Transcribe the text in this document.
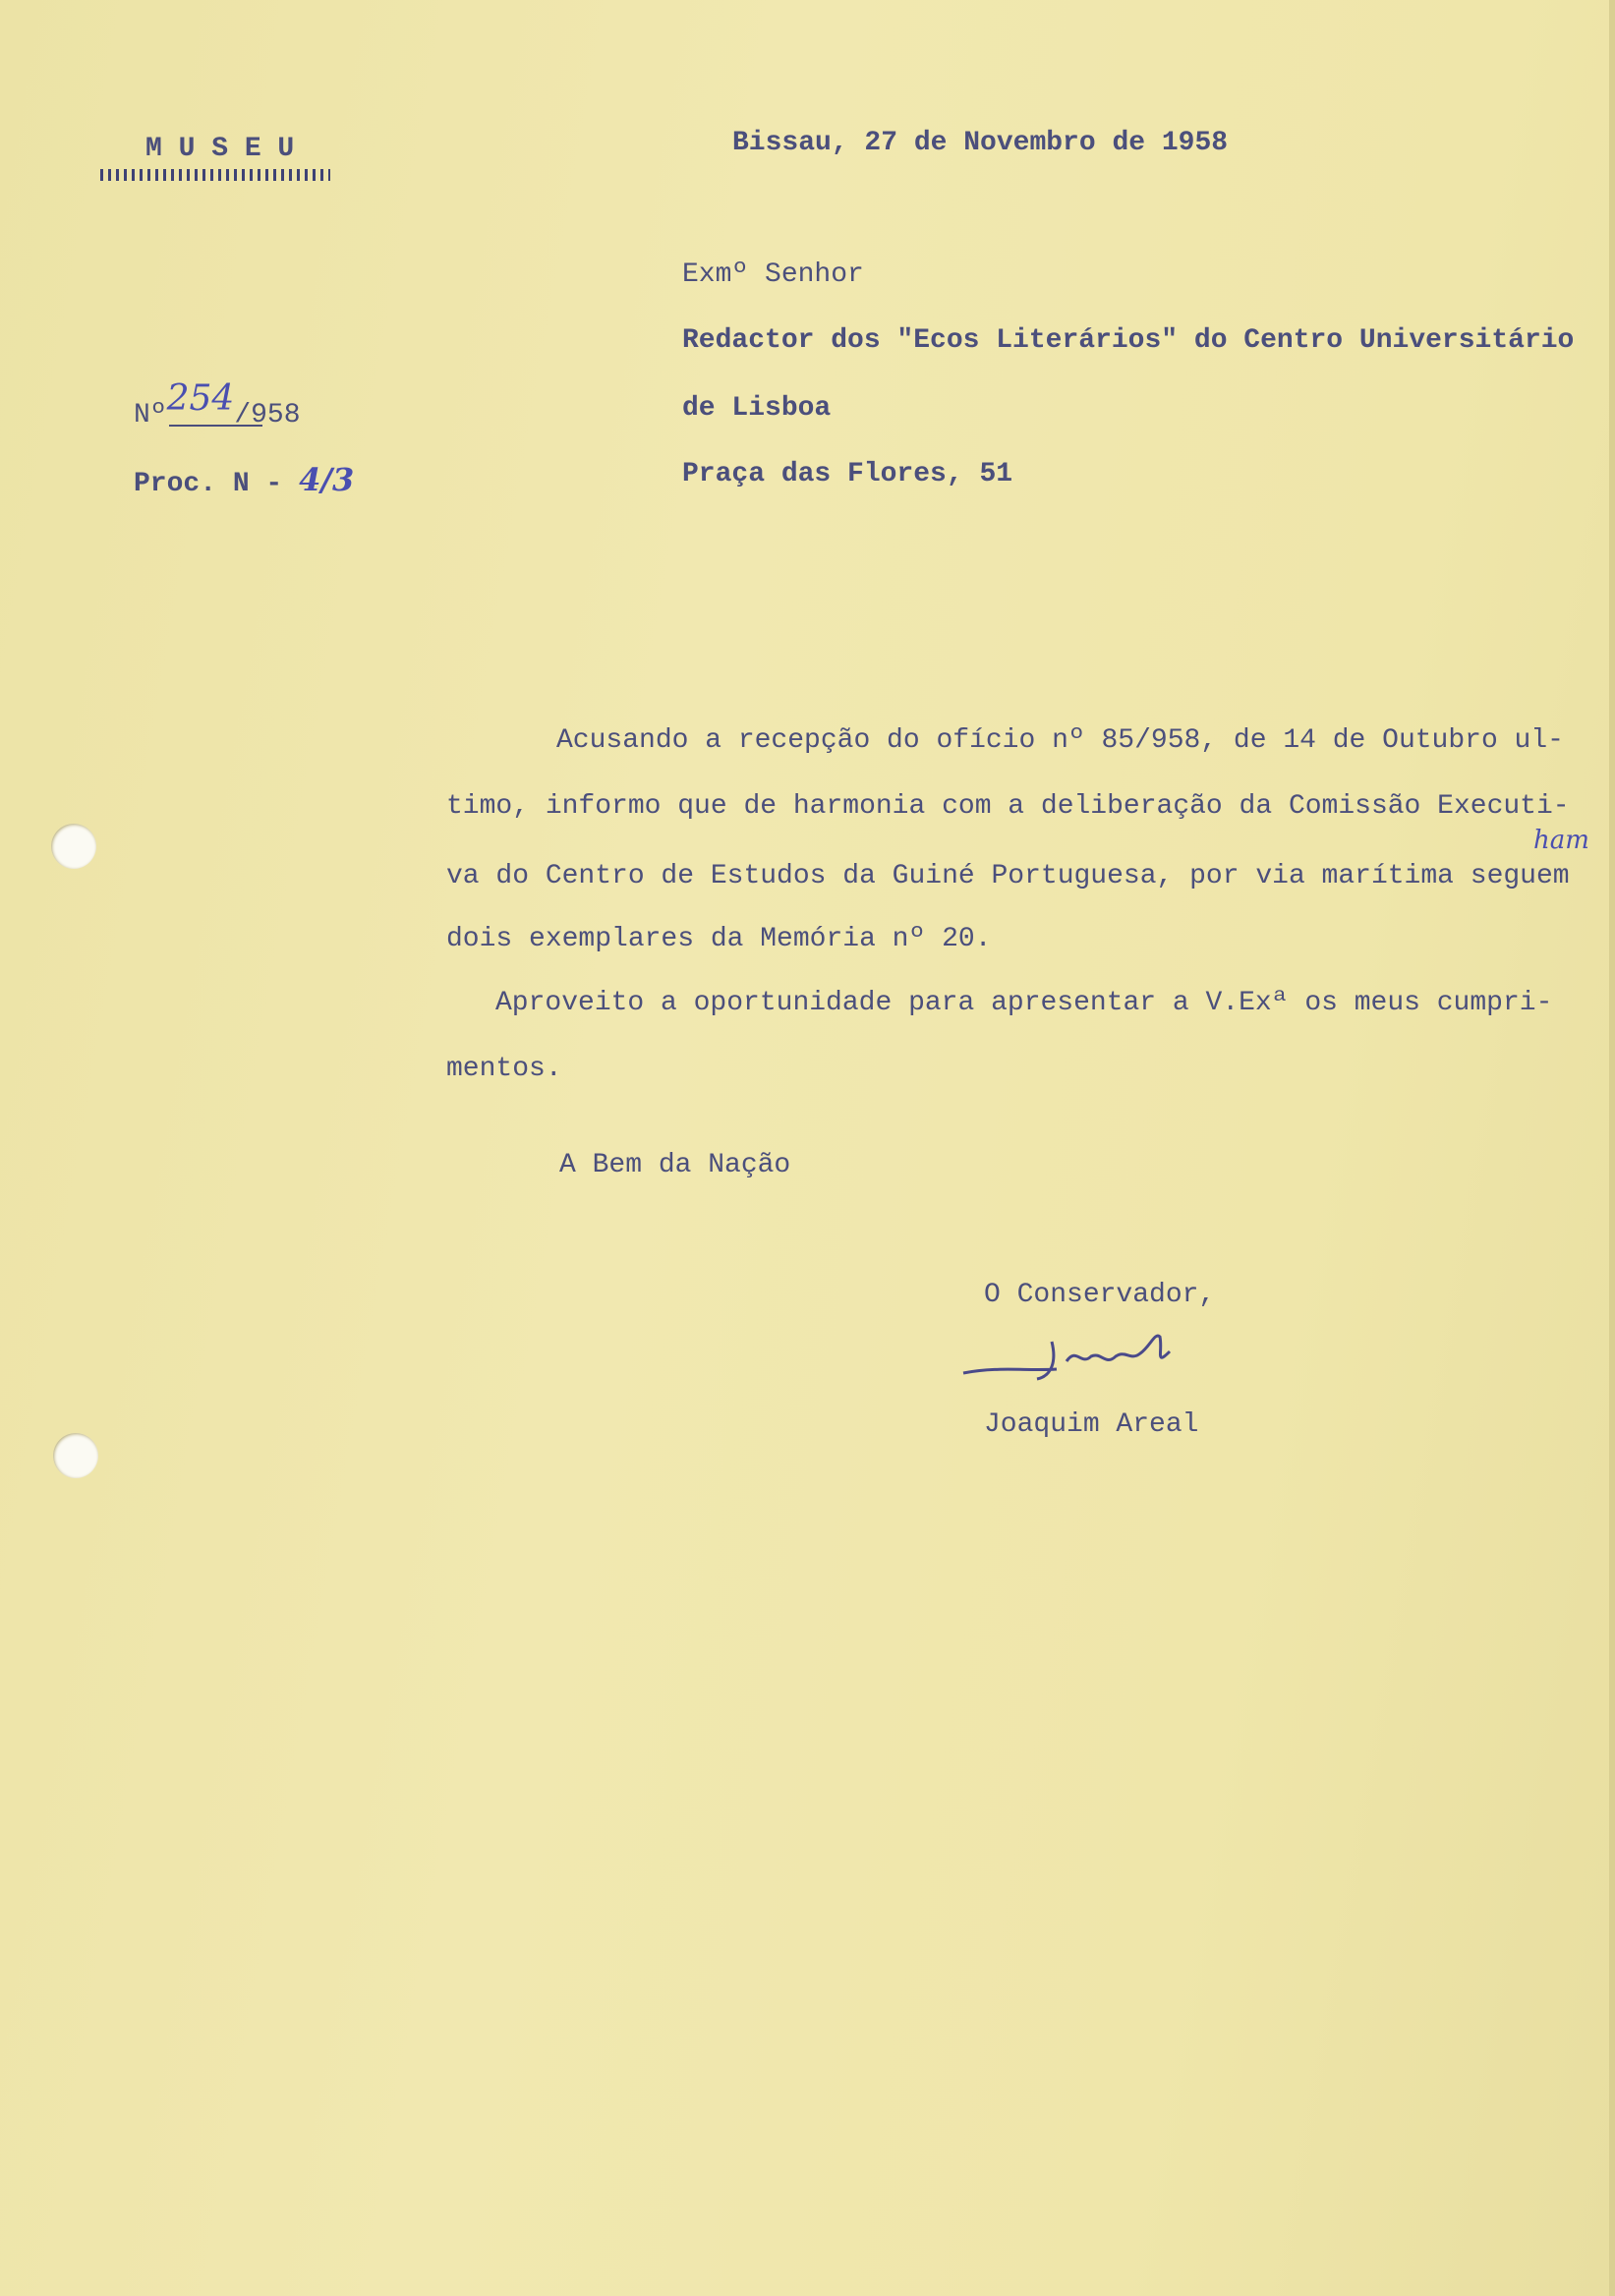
M U S E U	Bissau, 27 de Novembro de 1958
Nº254/958
Proc. N - 4/3
Exmº Senhor
Redactor dos "Ecos Literários" do Centro Universitário
de Lisboa
Praça das Flores, 51
Acusando a recepção do ofício nº 85/958, de 14 de Outubro ul-
timo, informo que de harmonia com a deliberação da Comissão Executi-
va do Centro de Estudos da Guiné Portuguesa, por via marítima seguem
ham
dois exemplares da Memória nº 20.
Aproveito a oportunidade para apresentar a V.Exª os meus cumpri-
mentos.
A Bem da Nação
O Conservador,
Joaquim Areal
